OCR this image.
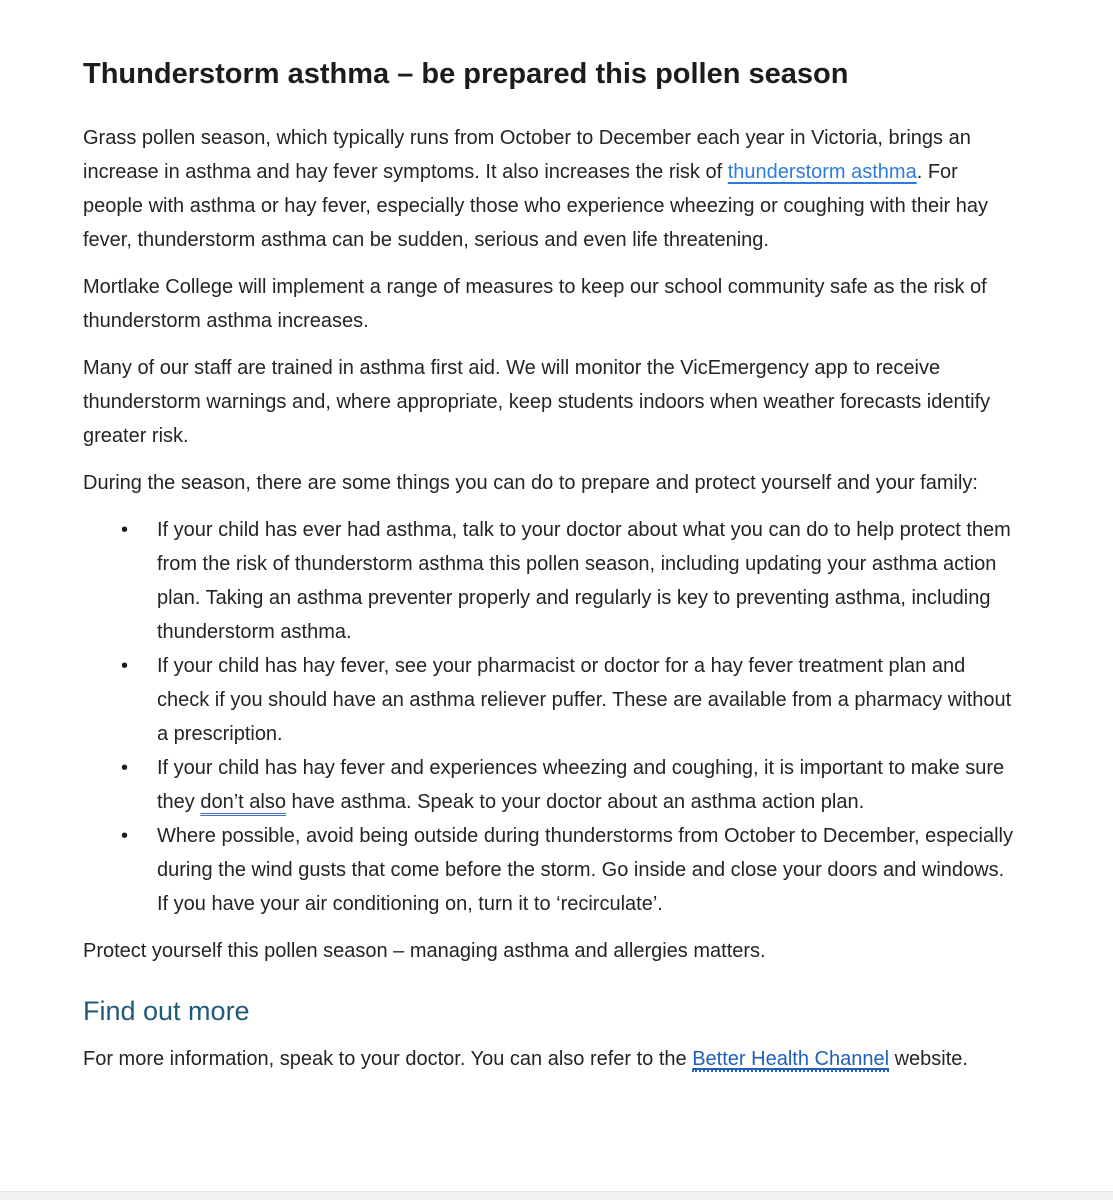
Thunderstorm asthma – be prepared this pollen season

Grass pollen season, which typically runs from October to December each year in Victoria, brings an increase in asthma and hay fever symptoms. It also increases the risk of thunderstorm asthma. For people with asthma or hay fever, especially those who experience wheezing or coughing with their hay fever, thunderstorm asthma can be sudden, serious and even life threatening.

Mortlake College will implement a range of measures to keep our school community safe as the risk of thunderstorm asthma increases.

Many of our staff are trained in asthma first aid. We will monitor the VicEmergency app to receive thunderstorm warnings and, where appropriate, keep students indoors when weather forecasts identify greater risk.

During the season, there are some things you can do to prepare and protect yourself and your family:

• If your child has ever had asthma, talk to your doctor about what you can do to help protect them from the risk of thunderstorm asthma this pollen season, including updating your asthma action plan. Taking an asthma preventer properly and regularly is key to preventing asthma, including thunderstorm asthma.
• If your child has hay fever, see your pharmacist or doctor for a hay fever treatment plan and check if you should have an asthma reliever puffer. These are available from a pharmacy without a prescription.
• If your child has hay fever and experiences wheezing and coughing, it is important to make sure they don’t also have asthma. Speak to your doctor about an asthma action plan.
• Where possible, avoid being outside during thunderstorms from October to December, especially during the wind gusts that come before the storm. Go inside and close your doors and windows. If you have your air conditioning on, turn it to ‘recirculate’.

Protect yourself this pollen season – managing asthma and allergies matters.

Find out more

For more information, speak to your doctor. You can also refer to the Better Health Channel website.
